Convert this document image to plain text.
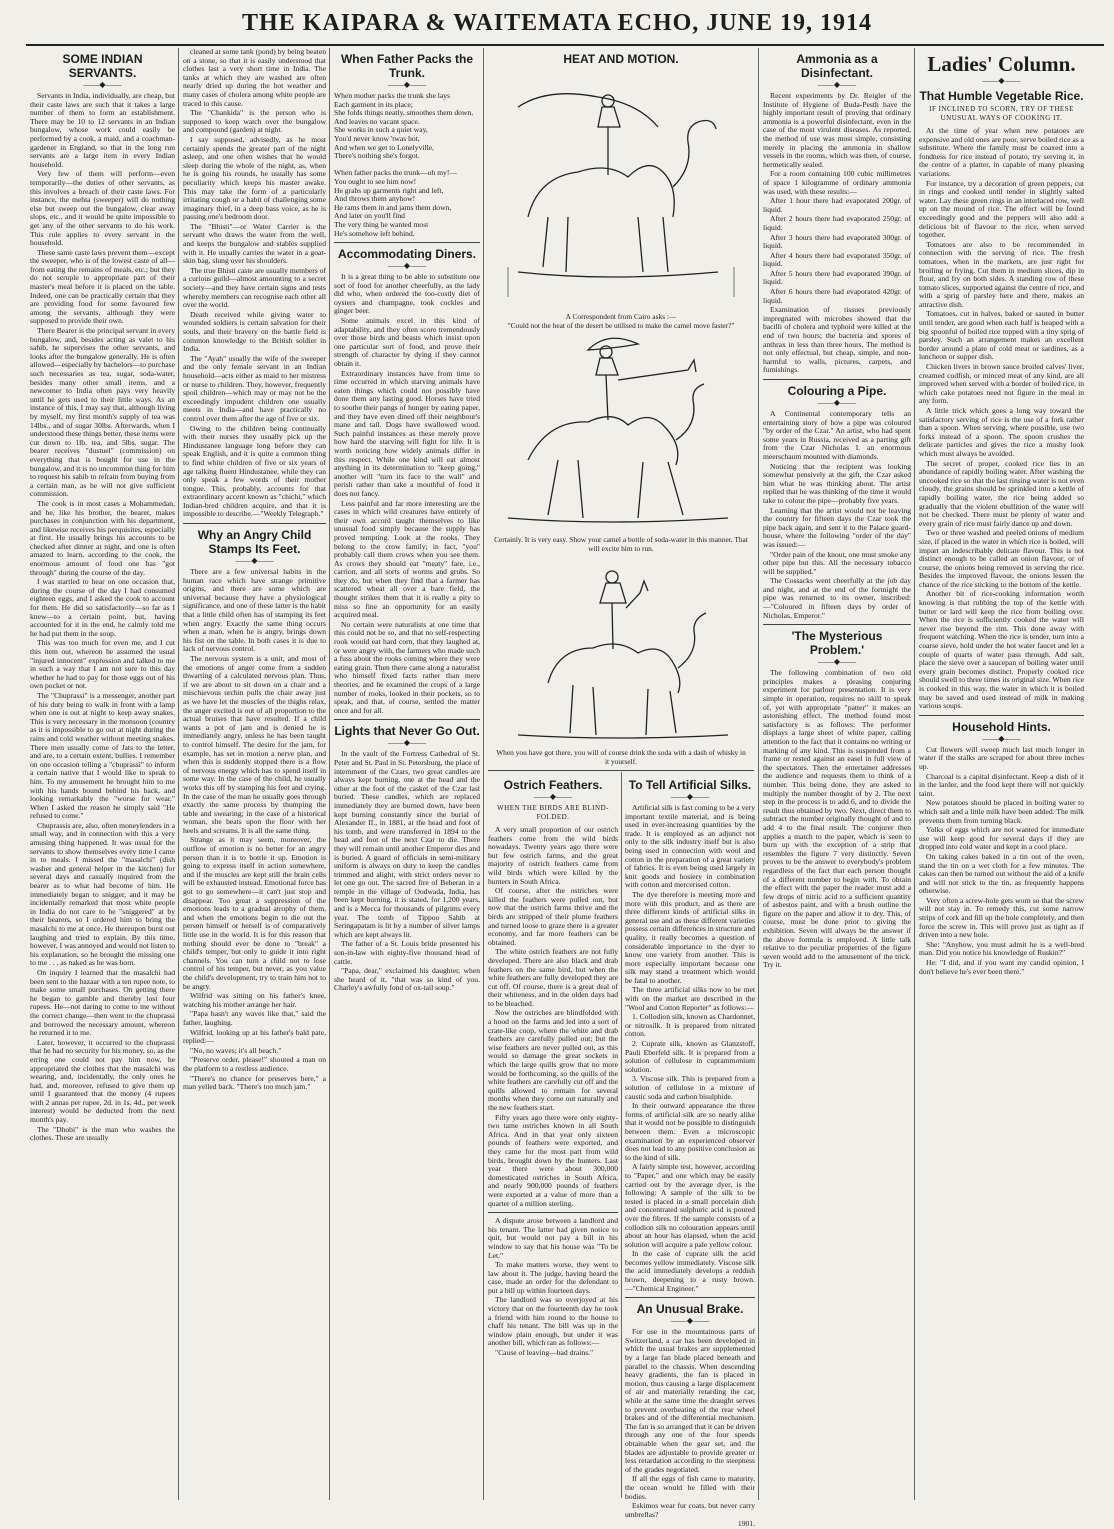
THE KAIPARA & WAITEMATA ECHO, JUNE 19, 1914
SOME INDIAN SERVANTS.
——◆——

Servants in India, individually, are cheap, but their caste laws are such that it takes a large number of them to form an establishment. There may be 10 to 12 servants in an Indian bungalow, whose work could easily be performed by a cook, a maid, and a coachman-gardener in England, so that in the long run servants are a large item in every Indian household.

Very few of them will perform—even temporarily—the duties of other servants, as this involves a breach of their caste laws. For instance, the mehta (sweeper) will do nothing else but sweep out the bungalow, clear away slops, etc., and it would be quite impossible to get any of the other servants to do his work. This rule applies to every servant in the household.

These same caste laws prevent them—except the sweeper, who is of the lowest caste of all—from eating the remains of meals, etc.; but they do not scruple to appropriate part of their master's meal before it is placed on the table. Indeed, one can be practically certain that they are providing food for some favoured few among the servants, although they were supposed to provide their own.

There Bearer is the principal servant in every bungalow, and, besides acting as valet to his sahib, he supervises the other servants, and looks after the bungalow generally. He is often allowed—especially by bachelors—to purchase such necessaries as tea, sugar, soda-water, besides many other small items, and a newcomer to India often pays very heavily until he gets used to their little ways. As an instance of this, I may say that, although living by myself, my first month's supply of tea was 14lbs., and of sugar 30lbs. Afterwards, when I understood these things better, these items were cut down to 1lb. tea, and 5lbs. sugar. The bearer receives "dustuel" (commission) on everything that is bought for use in the bungalow, and it is no uncommon thing for him to request his sahib to refrain from buying from a certain man, as he will not give sufficient commission.

The cook is in most cases a Mohammedan, and he, like his brother, the bearer, makes purchases in conjunction with his department, and likewise receives his perquisites, especially at first. He usually brings his accounts to be checked after dinner at night, and one is often amazed to learn, according to the cook, the enormous amount of food one has "got through" during the course of the day.

I was startled to hear on one occasion that, during the course of the day I had consumed eighteen eggs, and I asked the cook to account for them. He did so satisfactorily—so far as I knew—to a certain point, but, having accounted for it in the end, he calmly told me he had put them in the soup.

This was too much for even me, and I cut this item out, whereon he assumed the usual "injured innocent" expression and talked to me in such a way that I am not sure to this day whether he had to pay for those eggs out of his own pocket or not.

The "Chuprassi" is a messenger, another part of his duty being to walk in front with a lamp when one is out at night to keep away snakes. This is very necessary in the monsoon (country as it is impossible to go out at night during the rains and cold weather without meeting snakes. There men usually come of Jats to the letter, and are, to a certain extent, bullies. I remember on one occasion telling a "chuprassi" to inform a certain native that I would like to speak to him. To my amusement he brought him to me with his hands bound behind his back, and looking remarkably the "worse for wear." When I asked the reason he simply said "He refused to come."

Chuprassis are, also, often moneylenders in a small way, and in connection with this a very amusing thing happened. It was usual for the servants to show themselves every time I came in to meals. I missed the "masalchi" (dish washer and general helper in the kitchen) for several days and casually inquired from the bearer as to what had become of him. He immediately began to snigger, and it may be incidentally remarked that most white people in India do not care to be "sniggered" at by their bearers, so I ordered him to bring the masalchi to me at once. He thereupon burst out laughing and tried to explain. By this time, however, I was annoyed and would not listen to his explanation, so he brought the missing one to me . . . as naked as he was born.

On inquiry I learned that the masalchi had been sent to the bazaar with a ten rupee note, to make some small purchases. On getting there he began to gamble and thereby lost four rupees. He—not daring to come to me without the correct change—then went to the chuprassi and borrowed the necessary amount, whereon he returned it to me.

Later, however, it occurred to the chuprassi that he had no security for his money, so, as the erring one could not pay him now, he appropriated the clothes that the masalchi was wearing, and, incidentally, the only ones he had, and, moreover, refused to give them up until I guaranteed that the money (4 rupees with 2 annas per rupee, 2d. in 1s. 4d., per week interest) would be deducted from the next month's pay.

The "Dhobi" is the man who washes the clothes. These are usually

cleaned at some tank (pond) by being beaten on a stone, so that it is easily understood that clothes last a very short time in India. The tanks at which they are washed are often nearly dried up during the hot weather and many cases of cholera among white people are traced to this cause.

The "Chankida" is the person who is supposed to keep watch over the bungalow and compound (garden) at night.

I say supposed, advisedly, as he most certainly spends the greater part of the night asleep, and one often wishes that he would sleep during the whole of the night, as, when he is going his rounds, he usually has some peculiarity which keeps his master awake. This may take the form of a particularly irritating cough or a habit of challenging some imaginary thief, in a deep bass voice, as he is passing one's bedroom door.

The "Bhisti"—or Water Carrier is the servant who draws the water from the well, and keeps the bungalow and stables supplied with it. He usually carries the water in a goat-skin bag, slung over his shoulders.

The true Bhisti caste are usually members of a curious guild—almost amounting to a secret society—and they have certain signs and tests whereby members can recognise each other all over the world.

Death received while giving water to wounded soldiers is certain salvation for their souls, and their bravery on the battle field is common knowledge to the British soldier in India.

The "Ayah" usually the wife of the sweeper and the only female servant in an Indian household—acts either as maid to her mistress or nurse to children. They, however, frequently spoil children—which may or may not be the exceedingly impudent children one usually meets in India—and have practically no control over them after the age of five or six.

Owing to the children being continually with their nurses they usually pick up the Hindustanee language long before they can speak English, and it is quite a common thing to find white children of five or six years of age talking fluent Hindustanee, while they can only speak a few words of their mother tongue. This, probably, accounts for that extraordinary accent known as "chichi," which Indian-bred children acquire, and that it is impossible to describe.—"Weekly Telegraph."

Why an Angry Child Stamps Its Feet.
——◆——

There are a few universal habits in the human race which have strange primitive origins, and there are some which are universal because they have a physiological significance, and one of these latter is the habit that a little child often has of stamping its feet when angry. Exactly the same thing occurs when a man, when he is angry, brings down his fist on the table. In both cases it is due to lack of nervous control.

The nervous system is a unit, and most of the emotions of anger come from a sudden thwarting of a calculated nervous plan. Thus, if we are about to sit down on a chair and a mischievous urchin pulls the chair away just as we have let the muscles of the thighs relax, the anger excited is out of all proportion to the actual bruises that have resulted. If a child wants a pot of jam and is denied he is immediately angry, unless he has been taught to control himself. The desire for the jam, for example, has set in motion a nerve plan, and when this is suddenly stopped there is a flow of nervous energy which has to spend itself in some way. In the case of the child, he usually works this off by stamping his feet and crying. In the case of the man he usually goes through exactly the same process by thumping the table and swearing; in the case of a historical woman, she beats upon the floor with her heels and screams. It is all the same thing.

Strange as it may seem, moreover, the outflow of emotion is no better for an angry person than it is to bottle it up. Emotion is going to express itself in action somewhere, and if the muscles are kept still the brain cells will be exhausted instead. Emotional force has got to go somewhere—it can't just stop and disappear. Too great a suppression of the emotions leads to a gradual atrophy of them, and when the emotions begin to die out the person himself or herself is of comparatively little use in the world. It is for this reason that nothing should ever be done to "break" a child's temper, but only to guide it into right channels. You can turn a child not to lose control of his temper, but never, as you value the child's development, try to train him not to be angry.

Wilfrid was sitting on his father's knee, watching his mother arrange her hair.

"Papa hasn't any waves like that," said the father, laughing.

Wilfrid, looking up at his father's bald pate, replied:—

"No, no waves; it's all beach."

"Preserve order, please!" shouted a man on the platform to a restless audience.

"There's no chance for preserves here," a man yelled back. "There's too much jam."

When Father Packs the Trunk.
——◆——

When mother packs the trunk she lays

Each garment in its place;

She folds things neatly, smoothes them down,

And leaves no vacant space.

She works in such a quiet way,

You'd never know 'twas hot,

And when we get to Lonelyville,

There's nothing she's forgot.

When father packs the trunk—oh my!—

You ought to see him now!

He grabs up garments right and left,

And throws them anyhow!

He rams them in and jams them down,

And later on you'll find

The very thing he wanted most

He's somehow left behind.

Accommodating Diners.
——◆——

It is a great thing to be able to substitute one sort of food for another cheerfully, as the lady did who, when ordered the too-costly diet of oysters and champagne, took cockles and ginger beer.

Some animals excel in this kind of adaptability, and they often score tremendously over those birds and beasts which insist upon one particular sort of food, and prove their strength of character by dying if they cannot obtain it.

Extraordinary instances have from time to time occurred in which starving animals have eaten things which could not possibly have done them any lasting good. Horses have tried to soothe their pangs of hunger by eating paper, and they have even dined off their neighbour's mane and tail. Dogs have swallowed wood. Such painful instances as these merely prove how hard the starving will fight for life. It is worth noticing how widely animals differ in this respect. While one kind will eat almost anything in its determination to "keep going," another will "turn its face to the wall" and perish rather than take a mouthful of food it does not fancy.

Less painful and far more interesting are the cases in which wild creatures have entirely of their own accord taught themselves to like unusual food simply because the supply has proved tempting. Look at the rooks. They belong to the crow family; in fact, "you" probably call them crows when you see them. As crows they should eat "meaty" fare, i.e., carrion, and all sorts of worms and grubs. So they do, but when they find that a farmer has scattered wheat all over a bare field, the thought strikes them that it is really a pity to miss so fine an opportunity for an easily acquired meal.

No certain were naturalists at one time that this could not be so, and that no self-respecting rook would eat hard corn, that they laughed at, or were angry with, the farmers who made such a fuss about the rooks coming where they were eating grain. Then there came along a naturalist who himself fixed facts rather than mere theories, and he examined the crops of a large number of rooks, looked in their pockets, so to speak, and that, of course, settled the matter once and for all.

Lights that Never Go Out.
——◆——

In the vault of the Fortress Cathedral of St. Peter and St. Paul in St. Petersburg, the place of internment of the Czars, two great candles are always kept burning, one at the head and the other at the foot of the casket of the Czar last buried. These candles, which are replaced immediately they are burned down, have been kept burning constantly since the burial of Alexander II., in 1881, at the head and foot of his tomb, and were transferred in 1894 to the head and foot of the next Czar to die. There they will remain until another Emperor dies and is buried. A guard of officials in semi-military uniform is always on duty to keep the candles trimmed and alight, with strict orders never to let one go out. The sacred fire of Beheran in a temple in the village of Oodwada, India, has been kept burning, it is stated, for 1,200 years, and is a Mecca for thousands of pilgrims every year. The tomb of Tippoo Sahib at Seringapatam is lit by a number of silver lamps which are kept always lit.

The father of a St. Louis bride presented his son-in-law with eighty-five thousand head of cattle.

"Papa, dear," exclaimed his daughter, when she heard of it, "that was so kind of you. Charley's awfully fond of ox-tail soup."

HEAT AND MOTION.
A Correspondent from Cairo asks :—
"Could not the heat of the desert be utilised to make the camel move faster?"
Certainly. It is very easy. Show your camel a bottle of soda-water in this manner. That will excite him to run.
When you have got there, you will of course drink the soda with a dash of whisky in it yourself.
Ostrich Feathers.
——◆——
WHEN THE BIRDS ARE BLIND-FOLDED.

A very small proportion of our ostrich feathers come from the wild birds nowadays. Twenty years ago there were but few ostrich farms, and the great majority of ostrich feathers came from wild birds which were killed by the hunters in South Africa.

Of course, after the ostriches were killed the feathers were pulled out, but now that the ostrich farms thrive and the birds are stripped of their plume feathers and turned loose to graze there is a greater economy, and far more feathers can be obtained.

The white ostrich feathers are not fully developed. There are also black and drab feathers on the same bird, but when the white feathers are fully developed they are cut off. Of course, there is a great deal of their whiteness, and in the olden days had to be bleached.

Now the ostriches are blindfolded with a hood on the farms and led into a sort of crate-like coop, where the white and drab feathers are carefully pulled out; but the wise feathers are never pulled out, as this would so damage the great sockets in which the large quills grow that no more would be forthcoming, so the quills of the white feathers are carefully cut off and the quills allowed to remain for several months when they come out naturally and the new feathers start.

Fifty years ago there were only eighty-two tame ostriches known in all South Africa. And in that year only sixteen pounds of feathers were exported, and they came for the most part from wild birds, brought down by the hunters. Last year there were about 300,000 domesticated ostriches in South Africa, and nearly 900,000 pounds of feathers were exported at a value of more than a quarter of a million sterling.

A dispute arose between a landlord and his tenant. The latter had given notice to quit, but would not pay a bill in his window to say that his house was "To be Let."

To make matters worse, they went to law about it. The judge, having heard the case, made an order for the defendant to put a bill up within fourteen days.

The landlord was so overjoyed at his victory that on the fourteenth day he took a friend with him round to the house to chaff his tenant. The bill was up in the window plain enough, but under it was another bill, which ran as follows:—

"Cause of leaving—bad drains."

To Tell Artificial Silks.
——◆——

Artificial silk is fast coming to be a very important textile material, and is being used in ever-increasing quantities by the trade. It is employed as an adjunct not only to the silk industry itself but is also being used in connection with wool and cotton in the preparation of a great variety of fabrics. It is even being used largely in knit goods and hosiery in combination with cotton and mercerised cotton.

The dye therefore is meeting more and more with this product, and as there are three different kinds of artificial silks in general use and as these different varieties possess certain differences in structure and quality, it really becomes a question of considerable importance to the dyer to know one variety from another. This is more especially important because one silk may stand a treatment which would be fatal to another.

The three artificial silks now to be met with on the market are described in the "Wool and Cotton Reporter" as follows:—

1. Collodion silk, known as Chardonnet, or nitrosilk. It is prepared from nitrated cotton.

2. Cuprate silk, known as Glanzstoff, Pauli Eberfeld silk. It is prepared from a solution of cellulose in cuprammonium solution.

3. Viscose silk. This is prepared from a solution of cellulose in a mixture of caustic soda and carbon bisulphide.

In their outward appearance the three forms of artificial silk are so nearly alike that it would not be possible to distinguish between them. Even a microscopic examination by an experienced observer does not lead to any positive conclusion as to the kind of silk.

A fairly simple test, however, according to "Paper," and one which may be easily carried out by the average dyer, is the following: A sample of the silk to be tested is placed in a small porcelain dish and concentrated sulphuric acid is poured over the fibres. If the sample consists of a collodion silk no colouration appears until about an hour has elapsed, when the acid solution will acquire a pale yellow colour.

In the case of cuprate silk the acid becomes yellow immediately. Viscose silk the acid immediately develops a reddish brown, deepening to a rusty brown.—"Chemical Engineer."

An Unusual Brake.
——◆——

For use in the mountainous parts of Switzerland, a car has been developed in which the usual brakes are supplemented by a large fan blade placed beneath and parallel to the chassis. When descending heavy gradients, the fan is placed in motion, thus causing a large displacement of air and materially retarding the car, while at the same time the draught serves to prevent overheating of the rear wheel brakes and of the differential mechanism. The fan is so arranged that it can be driven through any one of the four speeds obtainable when the gear set, and the blades are adjustable to provide greater or less retardation according to the steepness of the grades negotiated.

If all the eggs of fish came to maturity, the ocean would be filled with their bodies.

Eskimos wear fur coats, but never carry umbrellas?

1901.

Ammonia as a Disinfectant.
——◆——

Recent experiments by Dr. Reigler of the Institute of Hygiene of Buda-Pesth have the highly important result of proving that ordinary ammonia is a powerful disinfectant, even in the case of the most virulent diseases. As reported, the method of use was most simple, consisting merely in placing the ammonia in shallow vessels in the rooms, which was then, of course, hermetically sealed.

For a room containing 100 cubic millimetres of space 1 kilogramme of ordinary ammonia was used, with these results:—

After 1 hour there had evaporated 200gr. of liquid.

After 2 hours there had evaporated 250gr. of liquid.

After 3 hours there had evaporated 300gr. of liquid.

After 4 hours there had evaporated 350gr. of liquid.

After 5 hours there had evaporated 390gr. of liquid.

After 6 hours there had evaporated 420gr. of liquid.

Examination of tissues previously impregnated with microbes showed that the bacilli of cholera and typhoid were killed at the end of two hours; the bacteria and spores of anthrax in less than three hours. The method is not only effectual, but cheap, simple, and non-harmful to walls, pictures, carpets, and furnishings.

Colouring a Pipe.
——◆——

A Continental contemporary tells an entertaining story of how a pipe was coloured "by order of the Czar." An artist, who had spent some years in Russia, received as a parting gift from the Czar Nicholas I. an enormous meerschaum mounted with diamonds.

Noticing that the recipient was looking somewhat pensively at the gift, the Czar asked him what he was thinking about. The artist replied that he was thinking of the time it would take to colour the pipe—probably five years.

Learning that the artist would not be leaving the country for fifteen days the Czar took the pipe back again, and sent it to the Palace guard-house, where the following "order of the day" was issued:—

"Order pain of the knout, one must smoke any other pipe but this. All the necessary tobacco will be supplied."

The Cossacks went cheerfully at the job day and night, and at the end of the fortnight the pipe was returned to its owner, inscribed:—"Coloured in fifteen days by order of Nicholas, Emperor."

'The Mysterious Problem.'
——◆——

The following combination of two old principles makes a pleasing conjuring experiment for parlour presentation. It is very simple in operation, requires no skill to speak of, yet with appropriate "patter" it makes an astonishing effect. The method found most satisfactory is as follows: The performer displays a large sheet of white paper, calling attention to the fact that it contains no writing or marking of any kind. This is suspended from a frame or rested against an easel in full view of the spectators. Then the entertainer addresses the audience and requests them to think of a number. This being done, they are asked to multiply the number thought of by 2. The next step in the process is to add 6, and to divide the result thus obtained by two. Next, direct them to subtract the number originally thought of and to add 4 to the final result. The conjurer then applies a match to the paper, which is seen to burn up with the exception of a strip that resembles the figure 7 very distinctly. Seven proves to be the answer to everybody's problem regardless of the fact that each person thought of a different number to begin with. To obtain the effect with the paper the reader must add a few drops of nitric acid to a sufficient quantity of asbestos paint, and with a brush outline the figure on the paper and allow it to dry. This, of course, must be done prior to giving the exhibition. Seven will always be the answer if the above formula is employed. A little talk relative to the peculiar properties of the figure seven would add to the amusement of the trick. Try it.

Ladies' Column.
——◆——
That Humble Vegetable Rice.
IF INCLINED TO SCORN, TRY OF THESE UNUSUAL WAYS OF COOKING IT.

At the time of year when new potatoes are expensive and old ones are poor, serve boiled rice as a substitute. Where the family must be coaxed into a fondness for rice instead of potato, try serving it, in the centre of a platter, in capable of many pleasing variations.

For instance, try a decoration of green peppers, cut in rings and cooked until tender in slightly salted water. Lay these green rings in an interlaced row, well up on the mound of rice. The effect will be found exceedingly good and the peppers will also add a delicious bit of flavour to the rice, when served together.

Tomatoes are also to be recommended in connection with the serving of rice. The fresh tomatoes, when in the markets, are just right for broiling or frying. Cut them in medium slices, dip in flour, and fry on both sides. A standing row of these tomato slices, supported against the centre of rice, and with a sprig of parsley here and there, makes an attractive dish.

Tomatoes, cut in halves, baked or sauted in butter until tender, are good when each half is heaped with a big spoonful of boiled rice topped with a tiny sprig of parsley. Such an arrangement makes an excellent border around a plate of cold meat or sardines, as a luncheon or supper dish.

Chicken livers in brown sauce broiled calves' liver, creamed codfish, or minced meat of any kind, are all improved when served with a border of boiled rice, in which cake potatoes need not figure in the meal in any form.

A little trick which goes a long way toward the satisfactory serving of rice is the use of a fork rather than a spoon. When serving, where possible, use two forks instead of a spoon. The spoon crushes the delicate particles and gives the rice a mushy look which must always be avoided.

The secret of proper, cooked rice lies in an abundance of rapidly boiling water. After washing the uncooked rice so that the last rinsing water is not even cloudy, the grains should be sprinkled into a kettle of rapidly boiling water, the rice being added so gradually that the violent ebullition of the water will not be checked. There must be plenty of water and every grain of rice must fairly dance up and down.

Two or three washed and peeled onions of medium size, if placed in the water in which rice is boiled, will impart an indescribably delicate flavour. This is not distinct enough to be called an onion flavour, or of course, the onions being removed in serving the rice. Besides the improved flavour, the onions lessen the chance of the rice sticking to the bottom of the kettle.

Another bit of rice-cooking information worth knowing is that rubbing the top of the kettle with butter or lard will keep the rice from boiling over. When the rice is sufficiently cooked the water will never rise beyond the rim. This done away with frequent watching. When the rice is tender, turn into a coarse sieve, hold under the hot water faucet and let a couple of quarts of water pass through. Add salt, place the sieve over a saucepan of boiling water until every grain becomes distinct. Properly cooked rice should swell to three times its original size. When rice is cooked in this way, the water in which it is boiled may be saved and used instead of milk in making various soups.

Household Hints.
——◆——

Cut flowers will sweep much last much longer in water if the stalks are scraped for about three inches up.

Charcoal is a capital disinfectant. Keep a dish of it in the larder, and the food kept there will not quickly taint.

New potatoes should be placed in boiling water to which salt and a little milk have been added. The milk prevents them from turning black.

Yolks of eggs which are not wanted for immediate use will keep good for several days if they are dropped into cold water and kept in a cool place.

On taking cakes baked in a tin out of the oven, stand the tin on a wet cloth for a few minutes. The cakes can then be turned out without the aid of a knife and will not stick to the tin, as frequently happens otherwise.

Very often a screw-hole gets worn so that the screw will not stay in. To remedy this, cut some narrow strips of cork and fill up the hole completely, and then force the screw in. This will prove just as tight as if driven into a new hole.

She: "Anyhow, you must admit he is a well-bred man. Did you notice his knowledge of Ruskin?"

He: "I did, and if you want my candid opinion, I don't believe he's ever been there."
